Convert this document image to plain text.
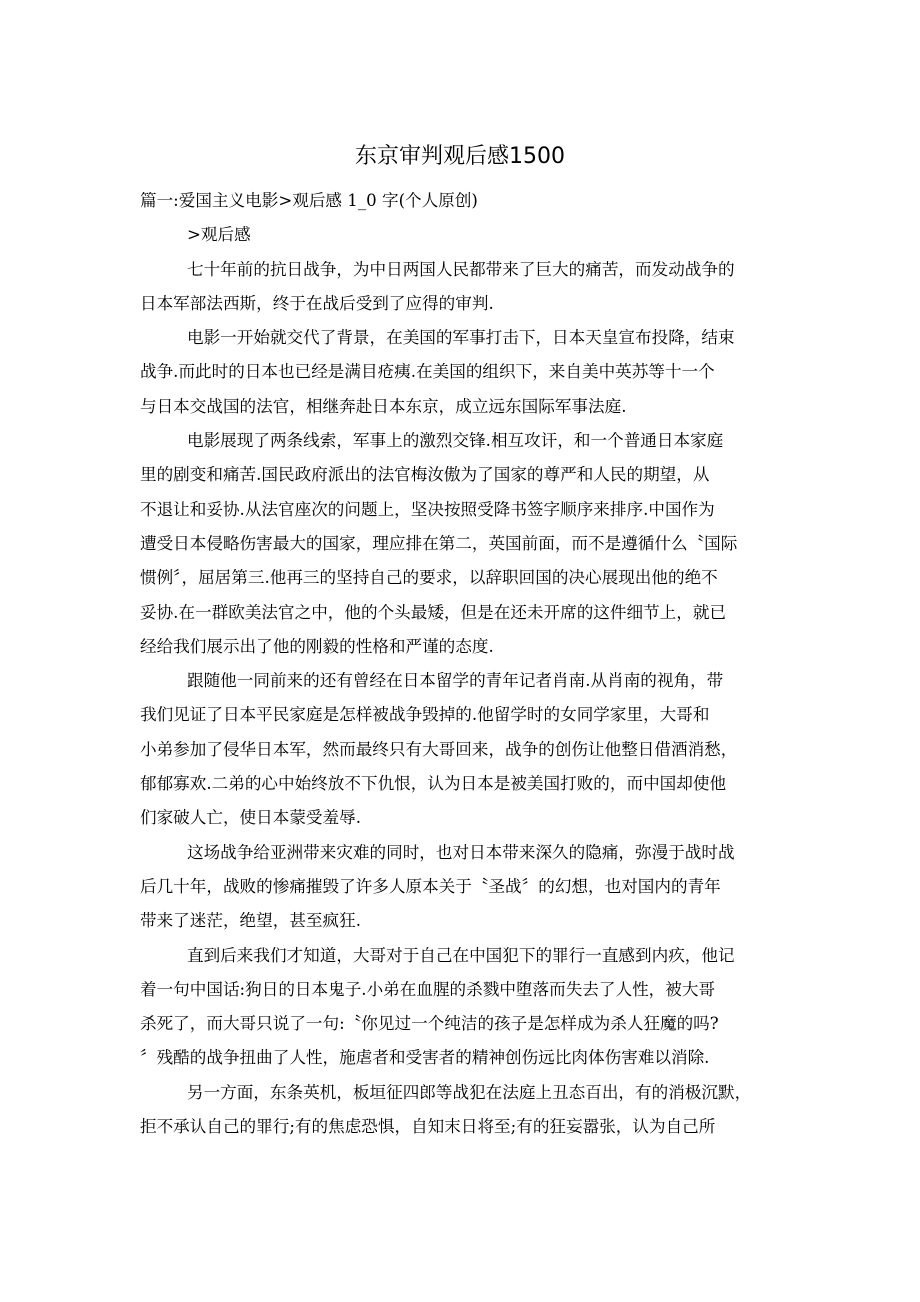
东京审判观后感1500
篇一:爱国主义电影>观后感 1_0 字(个人原创)
>观后感
七十年前的抗日战争，为中日两国人民都带来了巨大的痛苦，而发动战争的
日本军部法西斯，终于在战后受到了应得的审判.
电影一开始就交代了背景，在美国的军事打击下，日本天皇宣布投降，结束
战争.而此时的日本也已经是满目疮痍.在美国的组织下，来自美中英苏等十一个
与日本交战国的法官，相继奔赴日本东京，成立远东国际军事法庭.
电影展现了两条线索，军事上的激烈交锋.相互攻讦，和一个普通日本家庭
里的剧变和痛苦.国民政府派出的法官梅汝傲为了国家的尊严和人民的期望，从
不退让和妥协.从法官座次的问题上，坚决按照受降书签字顺序来排序.中国作为
遭受日本侵略伤害最大的国家，理应排在第二，英国前面，而不是遵循什么〝国际
惯例〞，屈居第三.他再三的坚持自己的要求，以辞职回国的决心展现出他的绝不
妥协.在一群欧美法官之中，他的个头最矮，但是在还未开席的这件细节上，就已
经给我们展示出了他的刚毅的性格和严谨的态度.
跟随他一同前来的还有曾经在日本留学的青年记者肖南.从肖南的视角，带
我们见证了日本平民家庭是怎样被战争毁掉的.他留学时的女同学家里，大哥和
小弟参加了侵华日本军，然而最终只有大哥回来，战争的创伤让他整日借酒消愁，
郁郁寡欢.二弟的心中始终放不下仇恨，认为日本是被美国打败的，而中国却使他
们家破人亡，使日本蒙受羞辱.
这场战争给亚洲带来灾难的同时，也对日本带来深久的隐痛，弥漫于战时战
后几十年，战败的惨痛摧毁了许多人原本关于〝圣战〞的幻想，也对国内的青年
带来了迷茫，绝望，甚至疯狂.
直到后来我们才知道，大哥对于自己在中国犯下的罪行一直感到内疚，他记
着一句中国话:狗日的日本鬼子.小弟在血腥的杀戮中堕落而失去了人性，被大哥
杀死了，而大哥只说了一句:〝你见过一个纯洁的孩子是怎样成为杀人狂魔的吗?
〞残酷的战争扭曲了人性，施虐者和受害者的精神创伤远比肉体伤害难以消除.
另一方面，东条英机，板垣征四郎等战犯在法庭上丑态百出，有的消极沉默，
拒不承认自己的罪行;有的焦虑恐惧，自知末日将至;有的狂妄嚣张，认为自己所
